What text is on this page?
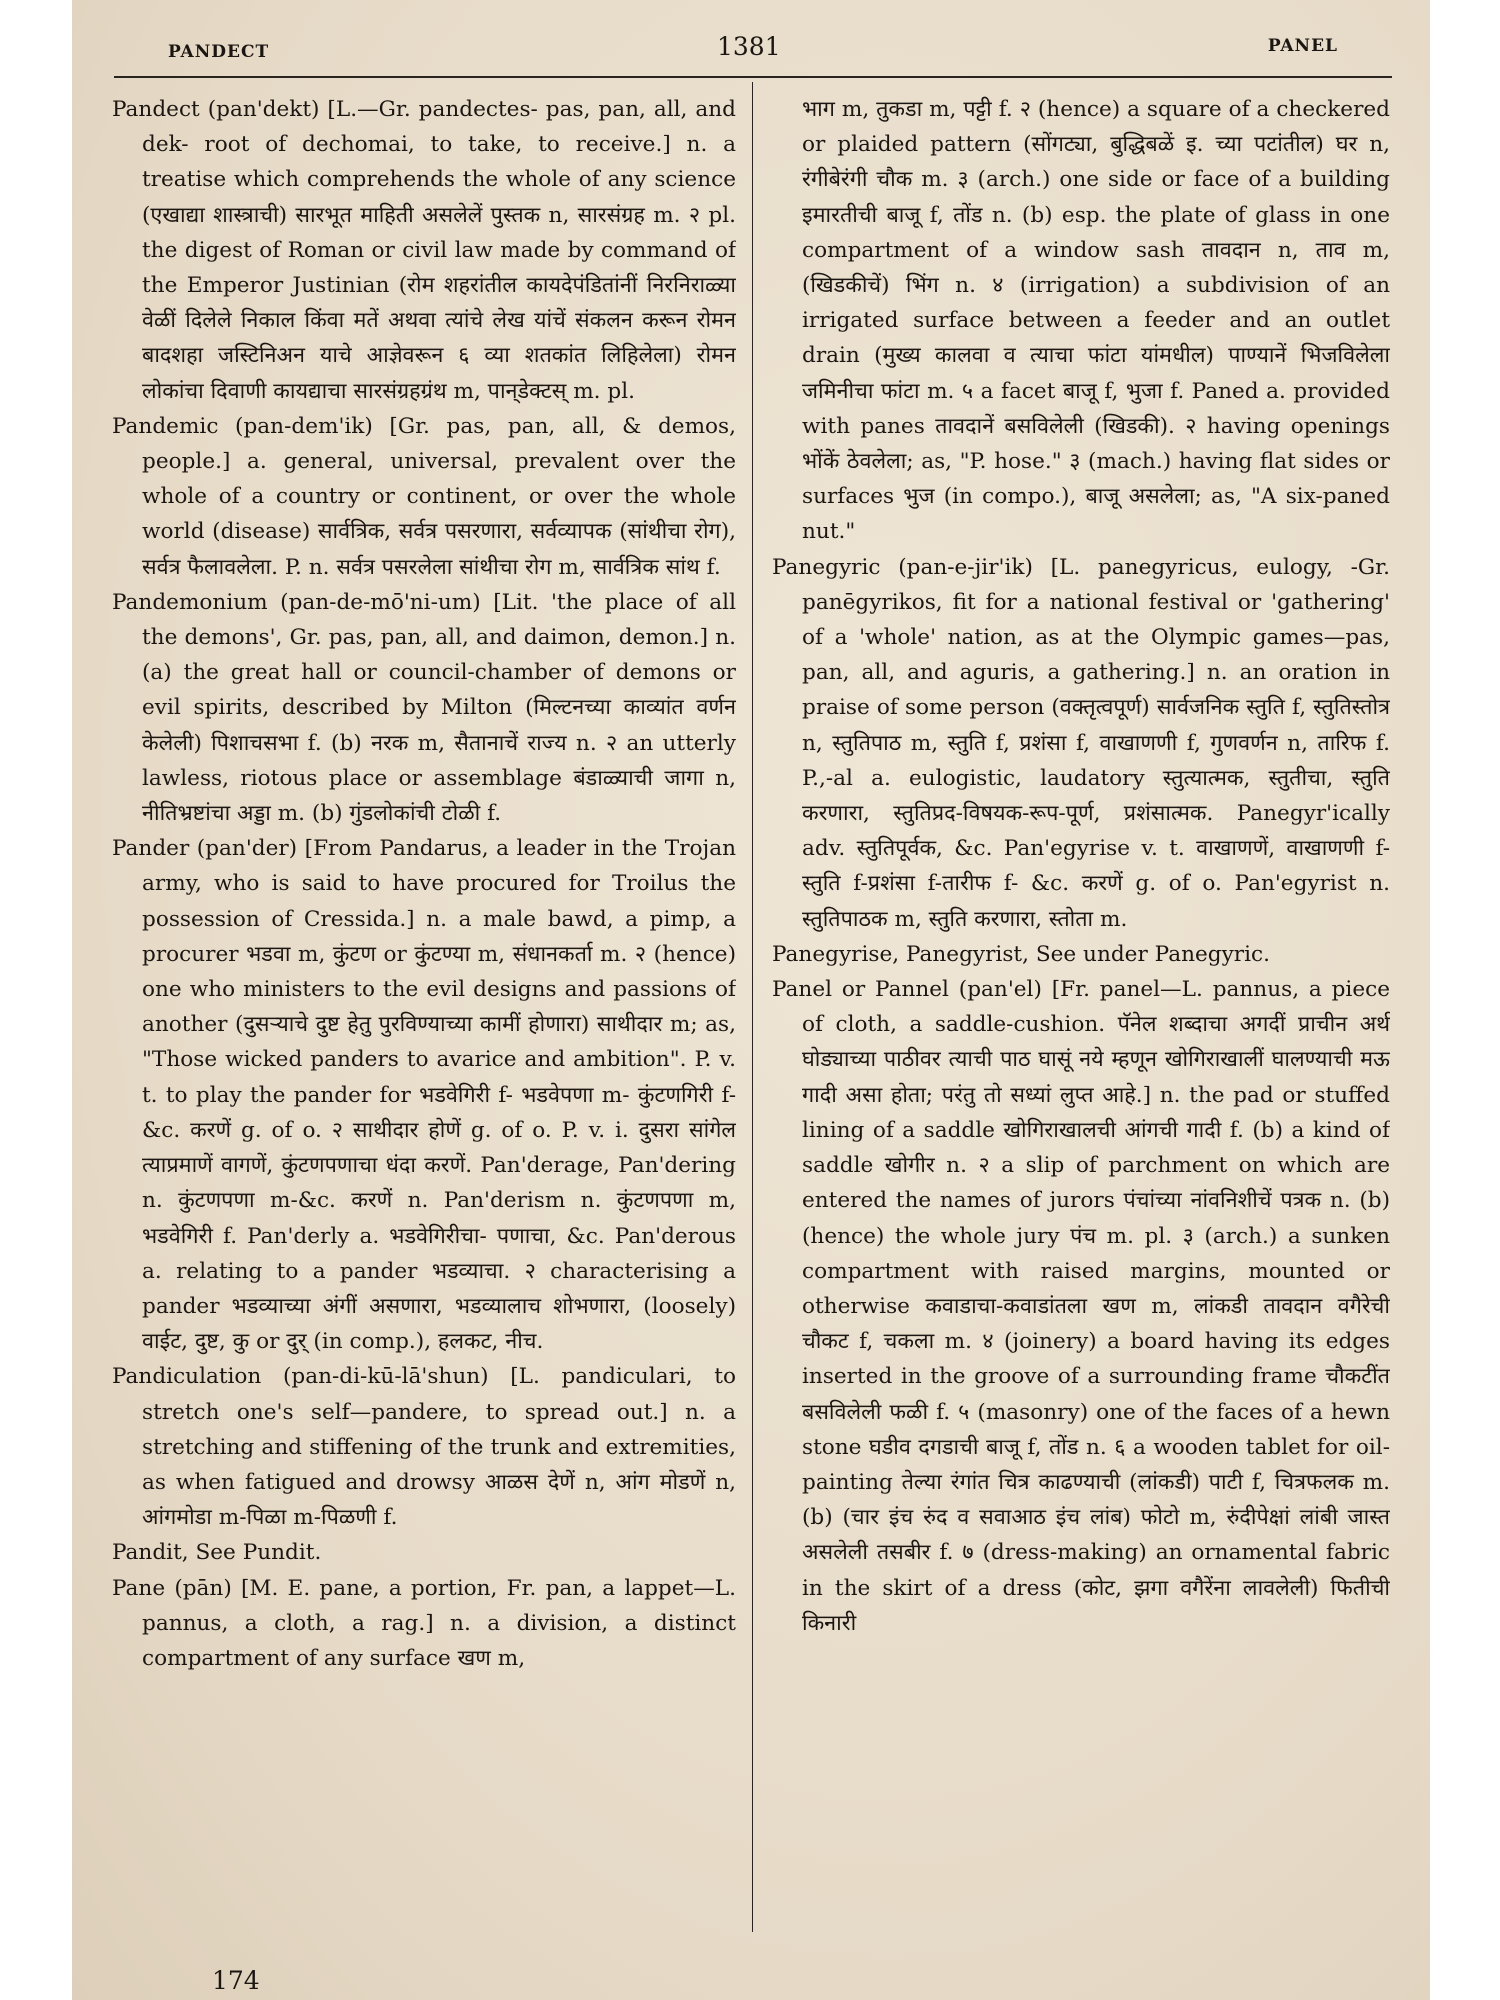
PANDECT	1381	PANEL

Pandect (pan'dekt) [L.—Gr. pandectes- pas, pan, all, and dek- root of dechomai, to take, to receive.] n. a treatise which comprehends the whole of any science (एखाद्या शास्त्राची) सारभूत माहिती असलेलें पुस्तक n, सारसंग्रह m. २ pl. the digest of Roman or civil law made by command of the Emperor Justinian (रोम शहरांतील कायदेपंडितांनीं निरनिराळ्या वेळीं दिलेले निकाल किंवा मतें अथवा त्यांचे लेख यांचें संकलन करून रोमन बादशहा जस्टिनिअन याचे आज्ञेवरून ६ व्या शतकांत लिहिलेला) रोमन लोकांचा दिवाणी कायद्याचा सारसंग्रहग्रंथ m, पान्‌डेक्टस् m. pl.

Pandemic (pan-dem'ik) [Gr. pas, pan, all, & demos, people.] a. general, universal, prevalent over the whole of a country or continent, or over the whole world (disease) सार्वत्रिक, सर्वत्र पसरणारा, सर्वव्यापक (सांथीचा रोग), सर्वत्र फैलावलेला. P. n. सर्वत्र पसरलेला सांथीचा रोग m, सार्वत्रिक सांथ f.

Pandemonium (pan-de-mō'ni-um) [Lit. 'the place of all the demons', Gr. pas, pan, all, and daimon, demon.] n. (a) the great hall or council-chamber of demons or evil spirits, described by Milton (मिल्टनच्या काव्यांत वर्णन केलेली) पिशाचसभा f. (b) नरक m, सैतानाचें राज्य n. २ an utterly lawless, riotous place or assemblage बंडाळ्याची जागा n, नीतिभ्रष्टांचा अड्डा m. (b) गुंडलोकांची टोळी f.

Pander (pan'der) [From Pandarus, a leader in the Trojan army, who is said to have procured for Troilus the possession of Cressida.] n. a male bawd, a pimp, a procurer भडवा m, कुंटण or कुंटण्या m, संधानकर्ता m. २ (hence) one who ministers to the evil designs and passions of another (दुसऱ्याचे दुष्ट हेतु पुरविण्याच्या कामीं होणारा) साथीदार m; as, "Those wicked panders to avarice and ambition". P. v. t. to play the pander for भडवेगिरी f- भडवेपणा m- कुंटणगिरी f- &c. करणें g. of o. २ साथीदार होणें g. of o. P. v. i. दुसरा सांगेल त्याप्रमाणें वागणें, कुंटणपणाचा धंदा करणें. Pan'derage, Pan'dering n. कुंटणपणा m-&c. करणें n. Pan'derism n. कुंटणपणा m, भडवेगिरी f. Pan'derly a. भडवेगिरीचा- पणाचा, &c. Pan'derous a. relating to a pander भडव्याचा. २ characterising a pander भडव्याच्या अंगीं असणारा, भडव्यालाच शोभणारा, (loosely) वाईट, दुष्ट, कु or दुर् (in comp.), हलकट, नीच.

Pandiculation (pan-di-kū-lā'shun) [L. pandiculari, to stretch one's self—pandere, to spread out.] n. a stretching and stiffening of the trunk and extremities, as when fatigued and drowsy आळस देणें n, आंग मोडणें n, आंगमोडा m-पिळा m-पिळणी f.

Pandit, See Pundit.

Pane (pān) [M. E. pane, a portion, Fr. pan, a lappet—L. pannus, a cloth, a rag.] n. a division, a distinct compartment of any surface खण m,

भाग m, तुकडा m, पट्टी f. २ (hence) a square of a checkered or plaided pattern (सोंगट्या, बुद्धिबळें इ. च्या पटांतील) घर n, रंगीबेरंगी चौक m. ३ (arch.) one side or face of a building इमारतीची बाजू f, तोंड n. (b) esp. the plate of glass in one compartment of a window sash तावदान n, ताव m, (खिडकीचें) भिंग n. ४ (irrigation) a subdivision of an irrigated surface between a feeder and an outlet drain (मुख्य कालवा व त्याचा फांटा यांमधील) पाण्यानें भिजविलेला जमिनीचा फांटा m. ५ a facet बाजू f, भुजा f. Paned a. provided with panes तावदानें बसविलेली (खिडकी). २ having openings भोंकें ठेवलेला; as, "P. hose." ३ (mach.) having flat sides or surfaces भुज (in compo.), बाजू असलेला; as, "A six-paned nut."

Panegyric (pan-e-jir'ik) [L. panegyricus, eulogy, -Gr. panēgyrikos, fit for a national festival or 'gathering' of a 'whole' nation, as at the Olympic games—pas, pan, all, and aguris, a gathering.] n. an oration in praise of some person (वक्तृत्वपूर्ण) सार्वजनिक स्तुति f, स्तुतिस्तोत्र n, स्तुतिपाठ m, स्तुति f, प्रशंसा f, वाखाणणी f, गुणवर्णन n, तारिफ f. P.,-al a. eulogistic, laudatory स्तुत्यात्मक, स्तुतीचा, स्तुति करणारा, स्तुतिप्रद-विषयक-रूप-पूर्ण, प्रशंसात्मक. Panegyr'ically adv. स्तुतिपूर्वक, &c. Pan'egyrise v. t. वाखाणणें, वाखाणणी f-स्तुति f-प्रशंसा f-तारीफ f- &c. करणें g. of o. Pan'egyrist n. स्तुतिपाठक m, स्तुति करणारा, स्तोता m.

Panegyrise, Panegyrist, See under Panegyric.

Panel or Pannel (pan'el) [Fr. panel—L. pannus, a piece of cloth, a saddle-cushion. पॅनेल शब्दाचा अगदीं प्राचीन अर्थ घोड्याच्या पाठीवर त्याची पाठ घासूं नये म्हणून खोगिराखालीं घालण्याची मऊ गादी असा होता; परंतु तो सध्यां लुप्त आहे.] n. the pad or stuffed lining of a saddle खोगिराखालची आंगची गादी f. (b) a kind of saddle खोगीर n. २ a slip of parchment on which are entered the names of jurors पंचांच्या नांवनिशीचें पत्रक n. (b) (hence) the whole jury पंच m. pl. ३ (arch.) a sunken compartment with raised margins, mounted or otherwise कवाडाचा-कवाडांतला खण m, लांकडी तावदान वगैरेची चौकट f, चकला m. ४ (joinery) a board having its edges inserted in the groove of a surrounding frame चौकटींत बसविलेली फळी f. ५ (masonry) one of the faces of a hewn stone घडीव दगडाची बाजू f, तोंड n. ६ a wooden tablet for oil-painting तेल्या रंगांत चित्र काढण्याची (लांकडी) पाटी f, चित्रफलक m. (b) (चार इंच रुंद व सवाआठ इंच लांब) फोटो m, रुंदीपेक्षां लांबी जास्त असलेली तसबीर f. ७ (dress-making) an ornamental fabric in the skirt of a dress (कोट, झगा वगैरेंना लावलेली) फितीची किनारी

174
